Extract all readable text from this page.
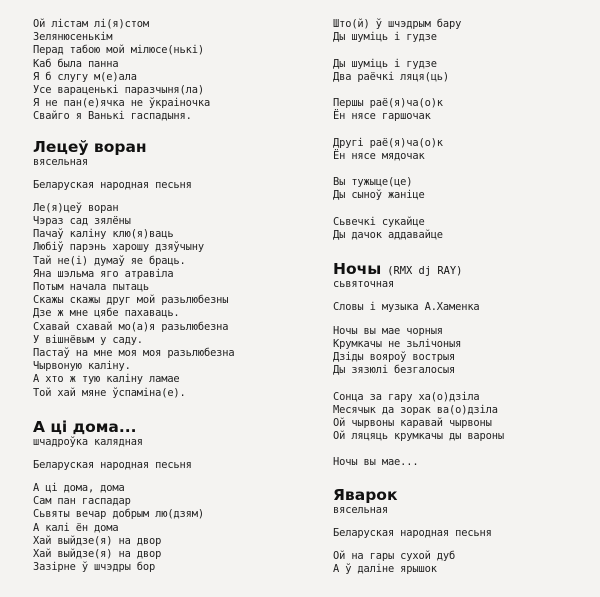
Ой лістам лі(я)стом
Зелянюсенькім
Перад табою мой мілюсе(нькі)
Каб была панна
Я б слугу м(е)ала
Усе вараценькі паразчыня(ла)
Я не пан(е)ячка не ўкраіночка
Свайго я Ванькі гаспадыня.
Лецеў воран
вясельная
Беларуская народная песьня
Ле(я)цеў воран
Чэраз сад зялёны
Пачаў каліну клю(я)ваць
Любіў парэнь харошу дзяўчыну
Тай не(і) думаў яе браць.
Яна шэльма яго атравіла
Потым начала пытаць
Скажы скажы друг мой разьлюбезны
Дзе ж мне цябе пахаваць.
Схавай схавай мо(а)я разьлюбезна
У вішнёвым у саду.
Пастаў на мне моя моя разьлюбезна
Чырвоную каліну.
А хто ж тую каліну ламае
Той хай мяне ўспаміна(е).
А ці дома...
шчадроўка калядная
Беларуская народная песьня
А ці дома, дома
Сам пан гаспадар
Сьвяты вечар добрым лю(дзям)
А калі ён дома
Хай выйдзе(я) на двор
Хай выйдзе(я) на двор
Зазірне ў шчэдры бор
Што(й) ў шчэдрым бару
Ды шуміць і гудзе
Ды шуміць і гудзе
Два раёчкі ляця(ць)
Першы раё(я)ча(о)к
Ён нясе гаршочак
Другі раё(я)ча(о)к
Ён нясе мядочак
Вы тужыце(це)
Ды сыноў жаніце
Сьвечкі сукайце
Ды дачок аддавайце
Ночы (RMX dj RAY)
сьвяточная
Словы і музыка А.Хаменка
Ночы вы мае чорныя
Крумкачы не зьлічоныя
Дзіды вояроў вострыя
Ды зязюлі безгалосыя
Сонца за гару ха(о)дзіла
Месячык да зорак ва(о)дзіла
Ой чырвоны каравай чырвоны
Ой ляцяць крумкачы ды вароны
Ночы вы мае...
Яварок
вясельная
Беларуская народная песьня
Ой на гары сухой дуб
А ў даліне ярышок
